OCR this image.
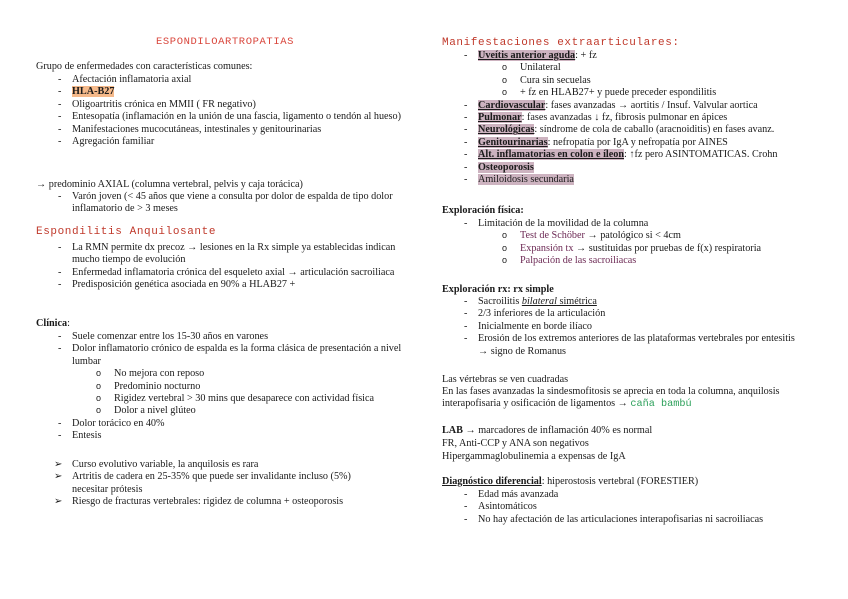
ESPONDILOARTROPATIAS
Grupo de enfermedades con características comunes:
- Afectación inflamatoria axial
- HLA-B27
- Oligoartritis crónica en MMII ( FR negativo)
- Entesopatía (inflamación en la unión de una fascia, ligamento o tendón al hueso)
- Manifestaciones mucocutáneas, intestinales y genitourinarias
- Agregación familiar
→ predominio AXIAL (columna vertebral, pelvis y caja torácica)
- Varón joven (< 45 años que viene a consulta por dolor de espalda de tipo dolor inflamatorio de > 3 meses
Espondilitis Anquilosante
- La RMN permite dx precoz → lesiones en la Rx simple ya establecidas indican mucho tiempo de evolución
- Enfermedad inflamatoria crónica del esqueleto axial → articulación sacroiliaca
- Predisposición genética asociada en 90% a HLAB27 +
Clínica:
- Suele comenzar entre los 15-30 años en varones
- Dolor inflamatorio crónico de espalda es la forma clásica de presentación a nivel lumbar
o No mejora con reposo
o Predominio nocturno
o Rigidez vertebral > 30 mins que desaparece con actividad física
o Dolor a nivel glúteo
- Dolor torácico en 40%
- Entesis
➢ Curso evolutivo variable, la anquilosis es rara
➢ Artritis de cadera en 25-35% que puede ser invalidante incluso (5%) necesitar prótesis
➢ Riesgo de fracturas vertebrales: rigidez de columna + osteoporosis
Manifestaciones extraarticulares:
- Uveítis anterior aguda: + fz
o Unilateral
o Cura sin secuelas
o + fz en HLAB27+ y puede preceder espondilitis
- Cardiovascular: fases avanzadas → aortitis / Insuf. Valvular aortica
- Pulmonar: fases avanzadas ↓ fz, fibrosis pulmonar en ápices
- Neurológicas: síndrome de cola de caballo (aracnoiditis) en fases avanz.
- Genitourinarias: nefropatía por IgA y nefropatía por AINES
- Alt. inflamatorias en colon e íleon: ↑fz pero ASINTOMATICAS. Crohn
- Osteoporosis
- Amiloidosis secundaria
Exploración física:
- Limitación de la movilidad de la columna
o Test de Schöber → patológico si < 4cm
o Expansión tx → sustituidas por pruebas de f(x) respiratoria
o Palpación de las sacroiliacas
Exploración rx: rx simple
- Sacroilitis bilateral simétrica
- 2/3 inferiores de la articulación
- Inicialmente en borde ilíaco
- Erosión de los extremos anteriores de las plataformas vertebrales por entesitis → signo de Romanus
Las vértebras se ven cuadradas
En las fases avanzadas la sindesmofitosis se aprecia en toda la columna, anquilosis interapofisaria y osificación de ligamentos → caña bambú
LAB → marcadores de inflamación 40% es normal
FR, Anti-CCP y ANA son negativos
Hipergammaglobulinemia a expensas de IgA
Diagnóstico diferencial: hiperostosis vertebral (FORESTIER)
- Edad más avanzada
- Asintomáticos
- No hay afectación de las articulaciones interapofisarias ni sacroiliacas
